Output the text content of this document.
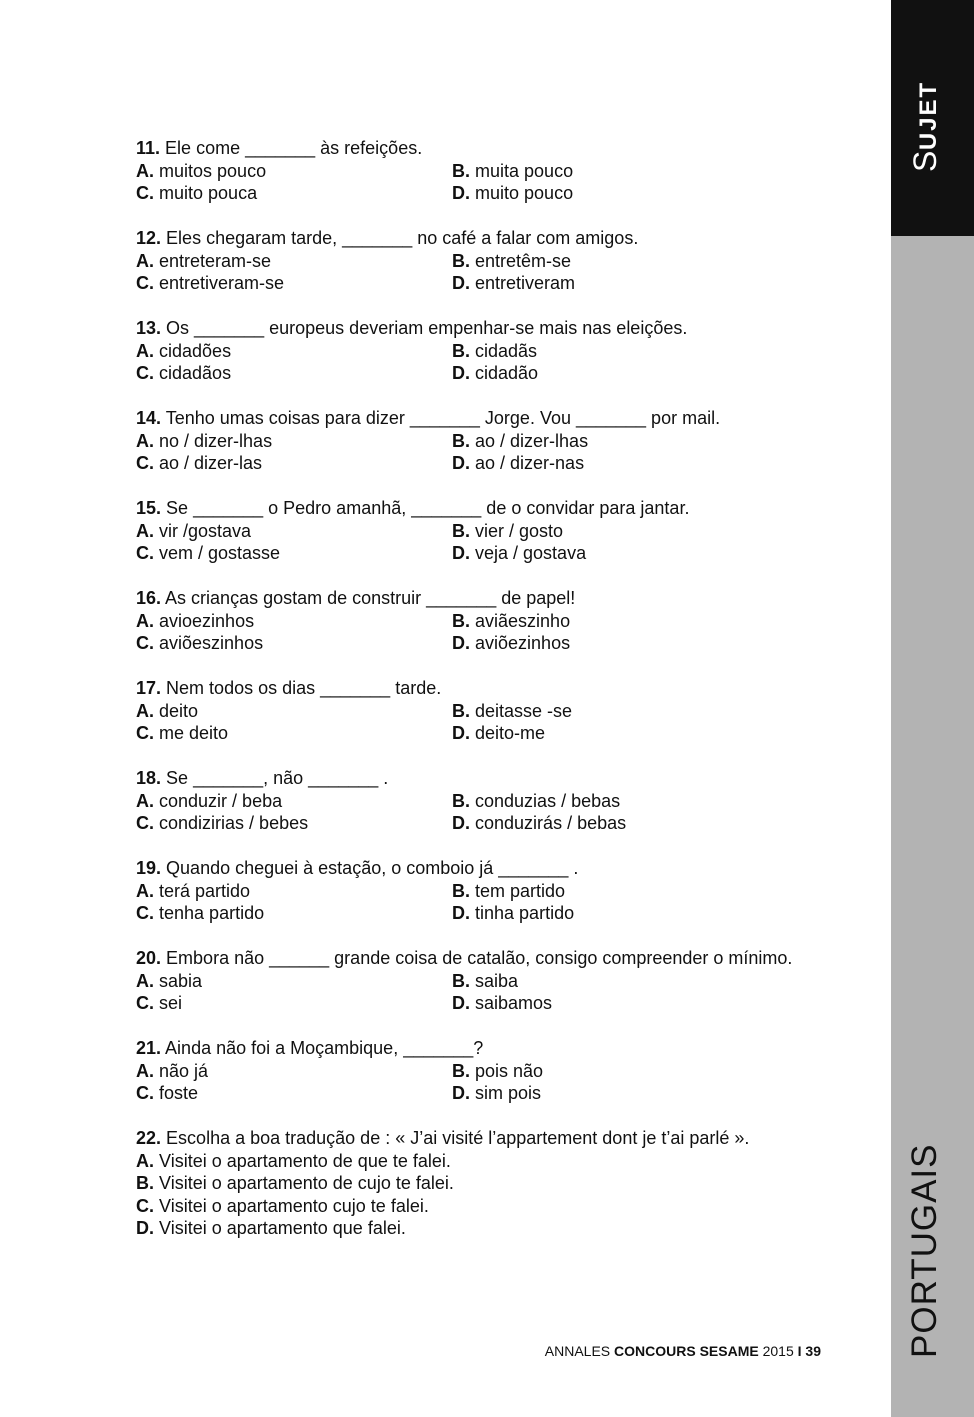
SUJET
PORTUGAIS
11. Ele come _______ às refeições.
A. muitos pouco	B. muita pouco
C. muito pouca	D. muito pouco
12. Eles chegaram tarde, _______ no café a falar com amigos.
A. entreteram-se	B. entretêm-se
C. entretiveram-se	D. entretiveram
13. Os _______ europeus deveriam empenhar-se mais nas eleições.
A. cidadões	B. cidadãs
C. cidadãos	D. cidadão
14. Tenho umas coisas para dizer _______ Jorge. Vou _______ por mail.
A. no / dizer-lhas	B. ao / dizer-lhas
C. ao / dizer-las	D. ao / dizer-nas
15. Se _______ o Pedro amanhã, _______ de o convidar para jantar.
A. vir /gostava	B. vier / gosto
C. vem / gostasse	D. veja / gostava
16. As crianças gostam de construir _______ de papel!
A. avioezinhos	B. aviãeszinho
C. aviõeszinhos	D. aviõezinhos
17. Nem todos os dias _______ tarde.
A. deito	B. deitasse -se
C. me deito	D. deito-me
18. Se _______, não _______ .
A. conduzir / beba	B. conduzias / bebas
C. condizirias / bebes	D. conduzirás / bebas
19. Quando cheguei à estação, o comboio já _______ .
A. terá partido	B. tem partido
C. tenha partido	D. tinha partido
20. Embora não ______ grande coisa de catalão, consigo compreender o mínimo.
A. sabia	B. saiba
C. sei	D. saibamos
21. Ainda não foi a Moçambique, _______?
A. não já	B. pois não
C. foste	D. sim pois
22. Escolha a boa tradução de : « J’ai visité l’appartement dont je t’ai parlé ».
A. Visitei o apartamento de que te falei.
B. Visitei o apartamento de cujo te falei.
C. Visitei o apartamento cujo te falei.
D. Visitei o apartamento que falei.
ANNALES CONCOURS SESAME 2015 I 39
